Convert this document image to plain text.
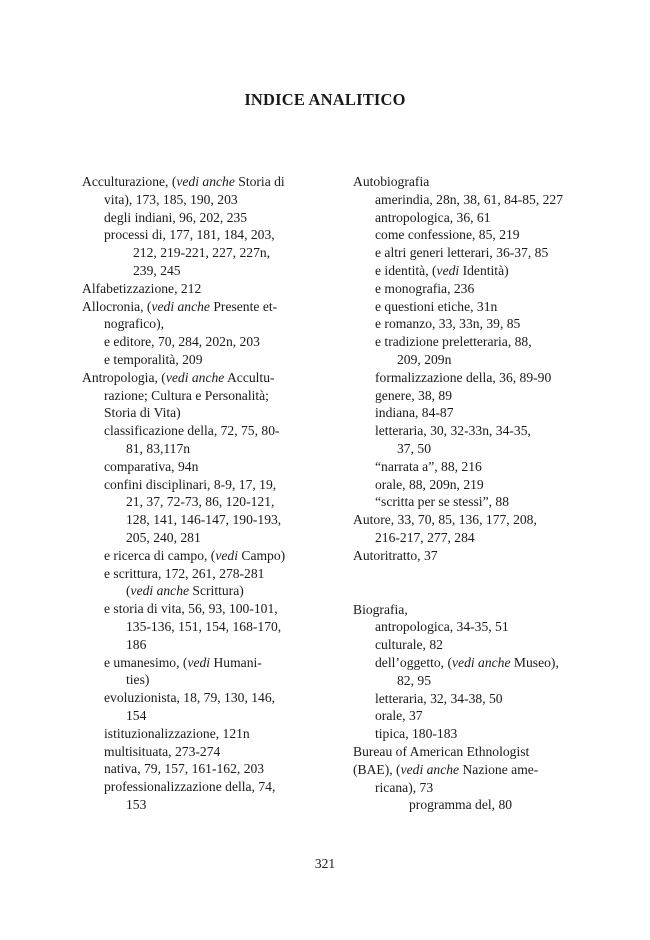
INDICE ANALITICO
Acculturazione, (vedi anche Storia di
vita), 173, 185, 190, 203
degli indiani, 96, 202, 235
processi di, 177, 181, 184, 203,
212, 219-221, 227, 227n,
239, 245
Alfabetizzazione, 212
Allocronia, (vedi anche Presente et-
nografico),
e editore, 70, 284, 202n, 203
e temporalità, 209
Antropologia, (vedi anche Accultu-
razione; Cultura e Personalità;
Storia di Vita)
classificazione della, 72, 75, 80-
81, 83,117n
comparativa, 94n
confini disciplinari, 8-9, 17, 19,
21, 37, 72-73, 86, 120-121,
128, 141, 146-147, 190-193,
205, 240, 281
e ricerca di campo, (vedi Campo)
e scrittura, 172, 261, 278-281
(vedi anche Scrittura)
e storia di vita, 56, 93, 100-101,
135-136, 151, 154, 168-170,
186
e umanesimo, (vedi Humani-
ties)
evoluzionista, 18, 79, 130, 146,
154
istituzionalizzazione, 121n
multisituata, 273-274
nativa, 79, 157, 161-162, 203
professionalizzazione della, 74,
153
Autobiografia
amerindia, 28n, 38, 61, 84-85, 227
antropologica, 36, 61
come confessione, 85, 219
e altri generi letterari, 36-37, 85
e identità, (vedi Identità)
e monografia, 236
e questioni etiche, 31n
e romanzo, 33, 33n, 39, 85
e tradizione preletteraria, 88,
209, 209n
formalizzazione della, 36, 89-90
genere, 38, 89
indiana, 84-87
letteraria, 30, 32-33n, 34-35,
37, 50
“narrata a”, 88, 216
orale, 88, 209n, 219
“scritta per se stessi”, 88
Autore, 33, 70, 85, 136, 177, 208,
216-217, 277, 284
Autoritratto, 37
Biografia,
antropologica, 34-35, 51
culturale, 82
dell’oggetto, (vedi anche Museo),
82, 95
letteraria, 32, 34-38, 50
orale, 37
tipica, 180-183
Bureau of American Ethnologist
(BAE), (vedi anche Nazione ame-
ricana), 73
programma del, 80
321
